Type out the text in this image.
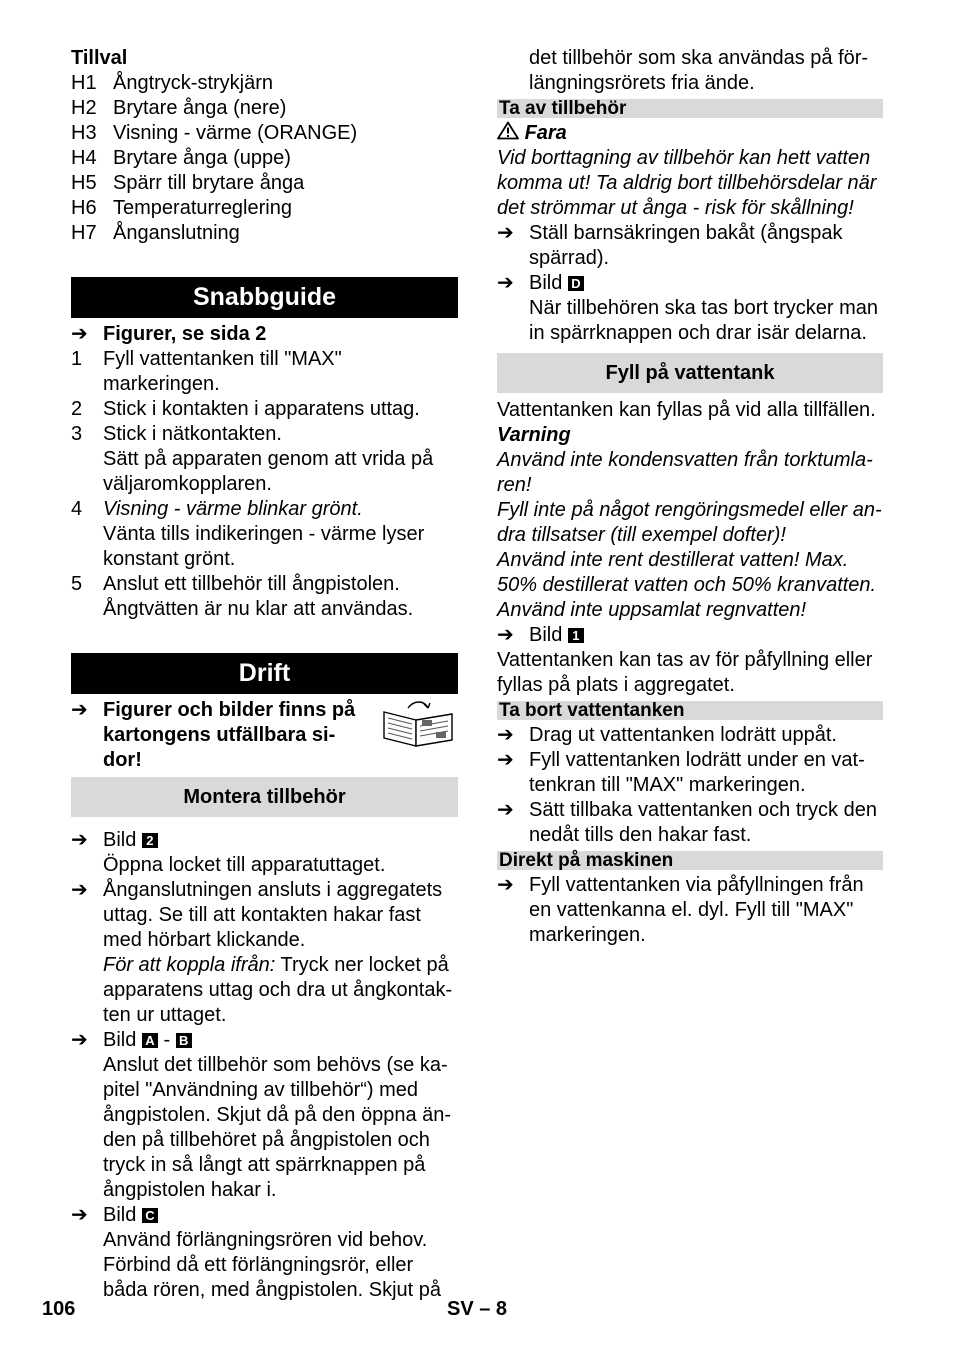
Tillval
H1 Ångtryck-strykjärn
H2 Brytare ånga (nere)
H3 Visning - värme (ORANGE)
H4 Brytare ånga (uppe)
H5 Spärr till brytare ånga
H6 Temperaturreglering
H7 Ånganslutning
Snabbguide
➔ Figurer, se sida 2
1	Fyll vattentanken till "MAX" markeringen.
2	Stick i kontakten i apparatens uttag.
3	Stick i nätkontakten.
Sätt på apparaten genom att vrida på väljaromkopplaren.
4	Visning - värme blinkar grönt.
Vänta tills indikeringen - värme lyser konstant grönt.
5	Anslut ett tillbehör till ångpistolen.
Ångtvätten är nu klar att användas.
Drift
➔ Figurer och bilder finns på kartongens utfällbara si-dor!
Montera tillbehör
➔ Bild 2
Öppna locket till apparatuttaget.
➔ Ånganslutningen ansluts i aggregatets uttag. Se till att kontakten hakar fast med hörbart klickande.
För att koppla ifrån: Tryck ner locket på apparatens uttag och dra ut ångkontak-ten ur uttaget.
➔ Bild A - B
Anslut det tillbehör som behövs (se ka-pitel "Användning av tillbehör“) med ångpistolen. Skjut då på den öppna än-den på tillbehöret på ångpistolen och tryck in så långt att spärrknappen på ångpistolen hakar i.
➔ Bild C
Använd förlängningsrören vid behov. Förbind då ett förlängningsrör, eller båda rören, med ångpistolen. Skjut på
det tillbehör som ska användas på för-längningsrörets fria ände.
Ta av tillbehör
Fara
Vid borttagning av tillbehör kan hett vatten komma ut! Ta aldrig bort tillbehörsdelar när det strömmar ut ånga - risk för skållning!
➔ Ställ barnsäkringen bakåt (ångspak spärrad).
➔ Bild D
När tillbehören ska tas bort trycker man in spärrknappen och drar isär delarna.
Fyll på vattentank
Vattentanken kan fyllas på vid alla tillfällen.
Varning
Använd inte kondensvatten från torktumla-ren!
Fyll inte på något rengöringsmedel eller an-dra tillsatser (till exempel dofter)!
Använd inte rent destillerat vatten! Max. 50% destillerat vatten och 50% kranvatten.
Använd inte uppsamlat regnvatten!
➔ Bild 1
Vattentanken kan tas av för påfyllning eller fyllas på plats i aggregatet.
Ta bort vattentanken
➔ Drag ut vattentanken lodrätt uppåt.
➔ Fyll vattentanken lodrätt under en vat-tenkran till "MAX" markeringen.
➔ Sätt tillbaka vattentanken och tryck den nedåt tills den hakar fast.
Direkt på maskinen
➔ Fyll vattentanken via påfyllningen från en vattenkanna el. dyl. Fyll till "MAX" markeringen.
106	SV – 8
